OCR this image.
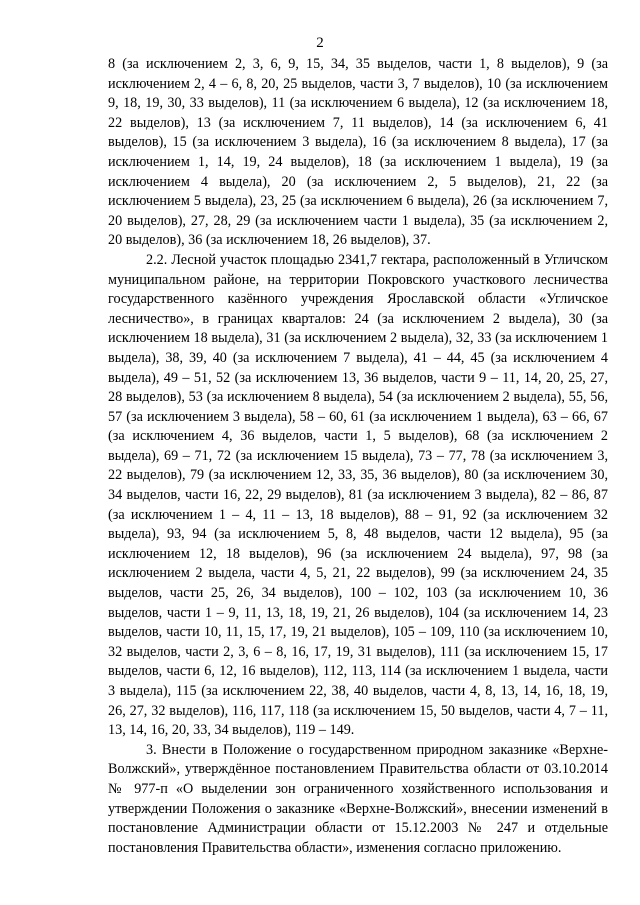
2

8 (за исключением 2, 3, 6, 9, 15, 34, 35 выделов, части 1, 8 выделов), 9 (за исключением 2, 4 – 6, 8, 20, 25 выделов, части 3, 7 выделов), 10 (за исключением 9, 18, 19, 30, 33 выделов), 11 (за исключением 6 выдела), 12 (за исключением 18, 22 выделов), 13 (за исключением 7, 11 выделов), 14 (за исключением 6, 41 выделов), 15 (за исключением 3 выдела), 16 (за исключением 8 выдела), 17 (за исключением 1, 14, 19, 24 выделов), 18 (за исключением 1 выдела), 19 (за исключением 4 выдела), 20 (за исключением 2, 5 выделов), 21, 22 (за исключением 5 выдела), 23, 25 (за исключением 6 выдела), 26 (за исключением 7, 20 выделов), 27, 28, 29 (за исключением части 1 выдела), 35 (за исключением 2, 20 выделов), 36 (за исключением 18, 26 выделов), 37.

2.2. Лесной участок площадью 2341,7 гектара, расположенный в Угличском муниципальном районе, на территории Покровского участкового лесничества государственного казённого учреждения Ярославской области «Угличское лесничество», в границах кварталов: 24 (за исключением 2 выдела), 30 (за исключением 18 выдела), 31 (за исключением 2 выдела), 32, 33 (за исключением 1 выдела), 38, 39, 40 (за исключением 7 выдела), 41 – 44, 45 (за исключением 4 выдела), 49 – 51, 52 (за исключением 13, 36 выделов, части 9 – 11, 14, 20, 25, 27, 28 выделов), 53 (за исключением 8 выдела), 54 (за исключением 2 выдела), 55, 56, 57 (за исключением 3 выдела), 58 – 60, 61 (за исключением 1 выдела), 63 – 66, 67 (за исключением 4, 36 выделов, части 1, 5 выделов), 68 (за исключением 2 выдела), 69 – 71, 72 (за исключением 15 выдела), 73 – 77, 78 (за исключением 3, 22 выделов), 79 (за исключением 12, 33, 35, 36 выделов), 80 (за исключением 30, 34 выделов, части 16, 22, 29 выделов), 81 (за исключением 3 выдела), 82 – 86, 87 (за исключением 1 – 4, 11 – 13, 18 выделов), 88 – 91, 92 (за исключением 32 выдела), 93, 94 (за исключением 5, 8, 48 выделов, части 12 выдела), 95 (за исключением 12, 18 выделов), 96 (за исключением 24 выдела), 97, 98 (за исключением 2 выдела, части 4, 5, 21, 22 выделов), 99 (за исключением 24, 35 выделов, части 25, 26, 34 выделов), 100 – 102, 103 (за исключением 10, 36 выделов, части 1 – 9, 11, 13, 18, 19, 21, 26 выделов), 104 (за исключением 14, 23 выделов, части 10, 11, 15, 17, 19, 21 выделов), 105 – 109, 110 (за исключением 10, 32 выделов, части 2, 3, 6 – 8, 16, 17, 19, 31 выделов), 111 (за исключением 15, 17 выделов, части 6, 12, 16 выделов), 112, 113, 114 (за исключением 1 выдела, части 3 выдела), 115 (за исключением 22, 38, 40 выделов, части 4, 8, 13, 14, 16, 18, 19, 26, 27, 32 выделов), 116, 117, 118 (за исключением 15, 50 выделов, части 4, 7 – 11, 13, 14, 16, 20, 33, 34 выделов), 119 – 149.

3. Внести в Положение о государственном природном заказнике «Верхне-Волжский», утверждённое постановлением Правительства области от 03.10.2014 № 977-п «О выделении зон ограниченного хозяйственного использования и утверждении Положения о заказнике «Верхне-Волжский», внесении изменений в постановление Администрации области от 15.12.2003 № 247 и отдельные постановления Правительства области», изменения согласно приложению.
